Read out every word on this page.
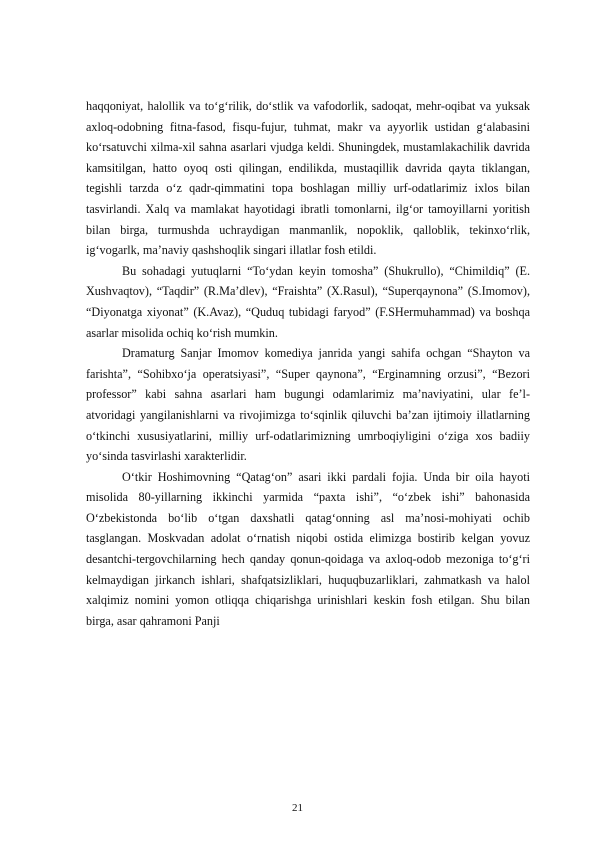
haqqoniyat, halollik va to‘g‘rilik, do‘stlik va vafodorlik, sadoqat, mehr-oqibat va yuksak axloq-odobning fitna-fasod, fisqu-fujur, tuhmat, makr va ayyorlik ustidan g‘alabasini ko‘rsatuvchi xilma-xil sahna asarlari vjudga keldi. Shuningdek, mustamlakachilik davrida kamsitilgan, hatto oyoq osti qilingan, endilikda, mustaqillik davrida qayta tiklangan, tegishli tarzda o‘z qadr-qimmatini topa boshlagan milliy urf-odatlarimiz ixlos bilan tasvirlandi. Xalq va mamlakat hayotidagi ibratli tomonlarni, ilg‘or tamoyillarni yoritish bilan birga, turmushda uchraydigan manmanlik, nopoklik, qalloblik, tekinxo‘rlik, ig‘vogarlk, ma’naviy qashshoqlik singari illatlar fosh etildi.

Bu sohadagi yutuqlarni “To‘ydan keyin tomosha” (Shukrullo), “Chimildiq” (E. Xushvaqtov), “Taqdir” (R.Ma’dlev), “Fraishta” (X.Rasul), “Superqaynona” (S.Imomov), “Diyonatga xiyonat” (K.Avaz), “Quduq tubidagi faryod” (F.SHermuhammad) va boshqa asarlar misolida ochiq ko‘rish mumkin.

Dramaturg Sanjar Imomov komediya janrida yangi sahifa ochgan “Shayton va farishta”, “Sohibxo‘ja operatsiyasi”, “Super qaynona”, “Erginamning orzusi”, “Bezori professor” kabi sahna asarlari ham bugungi odamlarimiz ma’naviyatini, ular fe’l-atvoridagi yangilanishlarni va rivojimizga to‘sqinlik qiluvchi ba’zan ijtimoiy illatlarning o‘tkinchi xususiyatlarini, milliy urf-odatlarimizning umrboqiyligini o‘ziga xos badiiy yo‘sinda tasvirlashi xarakterlidir.

O‘tkir Hoshimovning “Qatag‘on” asari ikki pardali fojia. Unda bir oila hayoti misolida 80-yillarning ikkinchi yarmida “paxta ishi”, “o‘zbek ishi” bahonasida O‘zbekistonda bo‘lib o‘tgan daxshatli qatag‘onning asl ma’nosi-mohiyati ochib tasglangan. Moskvadan adolat o‘rnatish niqobi ostida elimizga bostirib kelgan yovuz desantchi-tergovchilarning hech qanday qonun-qoidaga va axloq-odob mezoniga to‘g‘ri kelmaydigan jirkanch ishlari, shafqatsizliklari, huquqbuzarliklari, zahmatkash va halol xalqimiz nomini yomon otliqqa chiqarishga urinishlari keskin fosh etilgan. Shu bilan birga, asar qahramoni Panji

21
